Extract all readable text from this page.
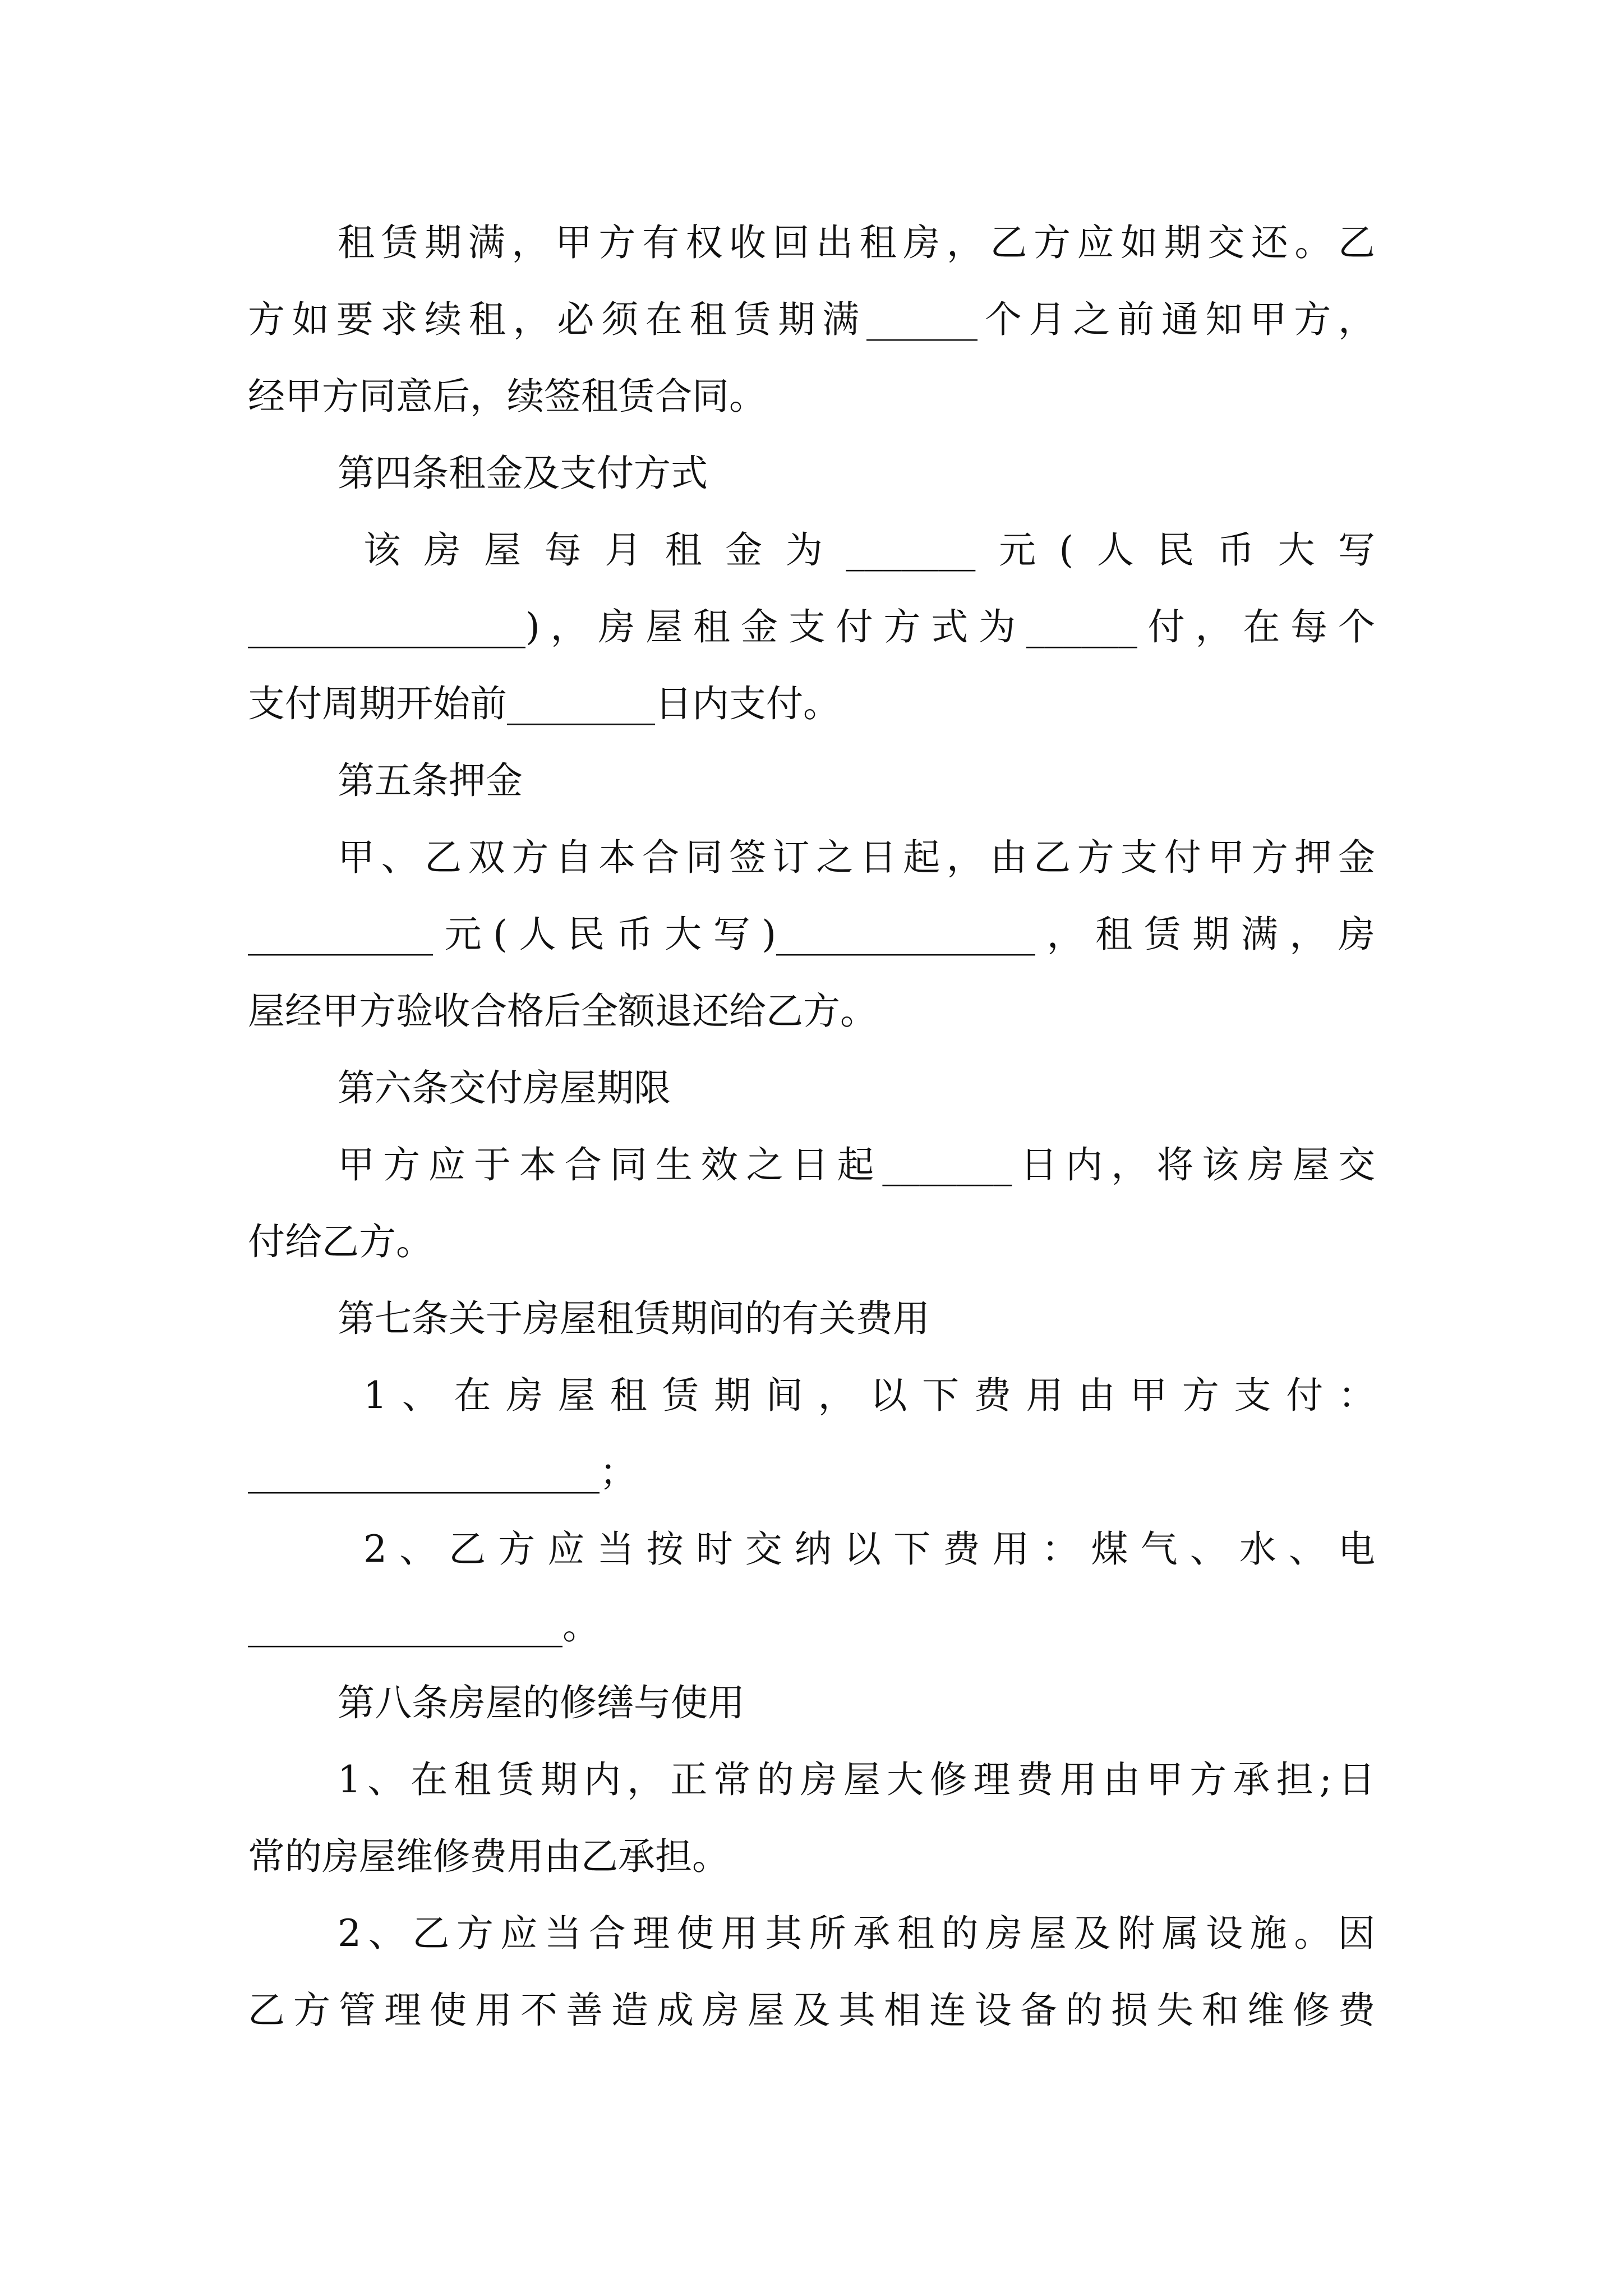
租赁期满，甲方有权收回出租房，乙方应如期交还。乙
方如要求续租，必须在租赁期满______个月之前通知甲方，
经甲方同意后，续签租赁合同。
第四条租金及支付方式
该房屋每月租金为_______元(人民币大写
_______________)，房屋租金支付方式为______付，在每个
支付周期开始前________日内支付。
第五条押金
甲、乙双方自本合同签订之日起，由乙方支付甲方押金
__________元(人民币大写)______________，租赁期满，房
屋经甲方验收合格后全额退还给乙方。
第六条交付房屋期限
甲方应于本合同生效之日起_______日内，将该房屋交
付给乙方。
第七条关于房屋租赁期间的有关费用
1、在房屋租赁期间，以下费用由甲方支付：
___________________；
2、乙方应当按时交纳以下费用：煤气、水、电
_________________。
第八条房屋的修缮与使用
1、在租赁期内，正常的房屋大修理费用由甲方承担;日
常的房屋维修费用由乙承担。
2、乙方应当合理使用其所承租的房屋及附属设施。因
乙方管理使用不善造成房屋及其相连设备的损失和维修费
